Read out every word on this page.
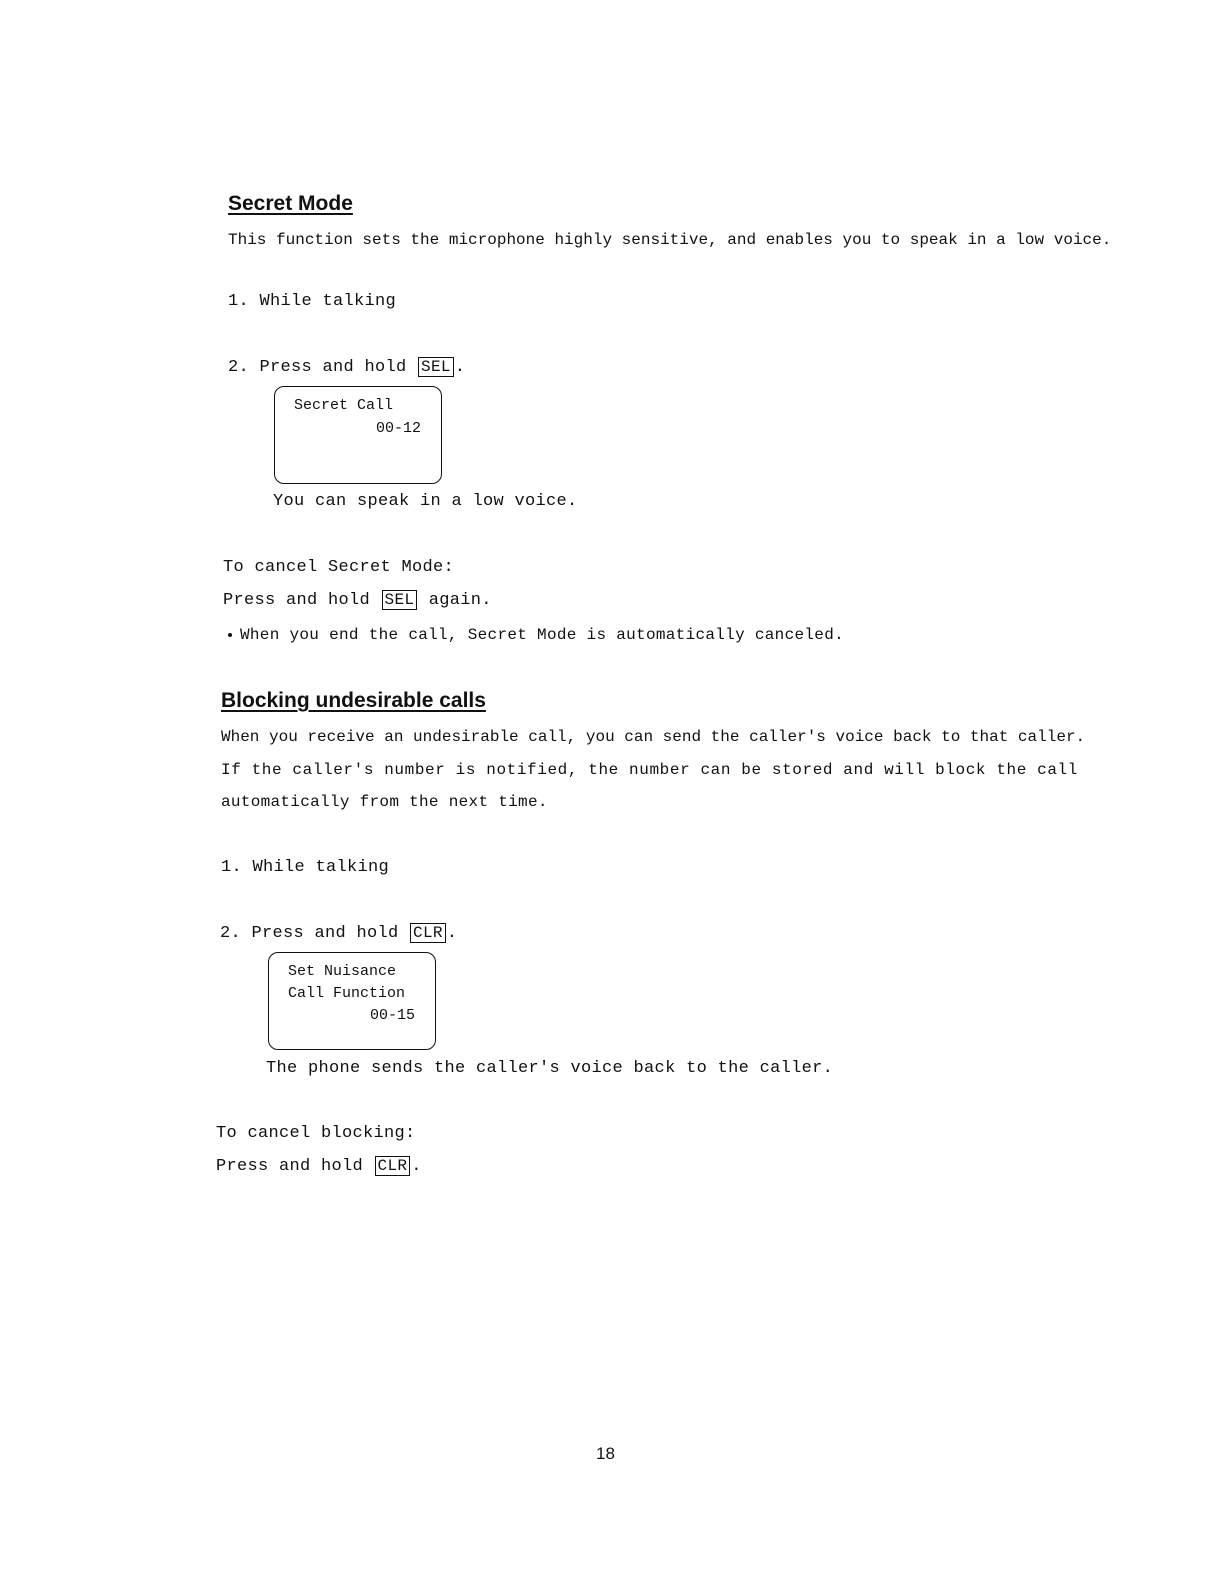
Secret Mode
This function sets the microphone highly sensitive, and enables you to speak in a low voice.
1. While talking
2. Press and hold SEL .
Secret Call
00-12
You can speak in a low voice.
To cancel Secret Mode:
Press and hold SEL again.
When you end the call, Secret Mode is automatically canceled.
Blocking undesirable calls
When you receive an undesirable call, you can send the caller's voice back to that caller.
If the caller's number is notified, the number can be stored and will block the call
automatically from the next time.
1. While talking
2. Press and hold CLR .
Set Nuisance
Call Function
00-15
The phone sends the caller's voice back to the caller.
To cancel blocking:
Press and hold CLR .
18
